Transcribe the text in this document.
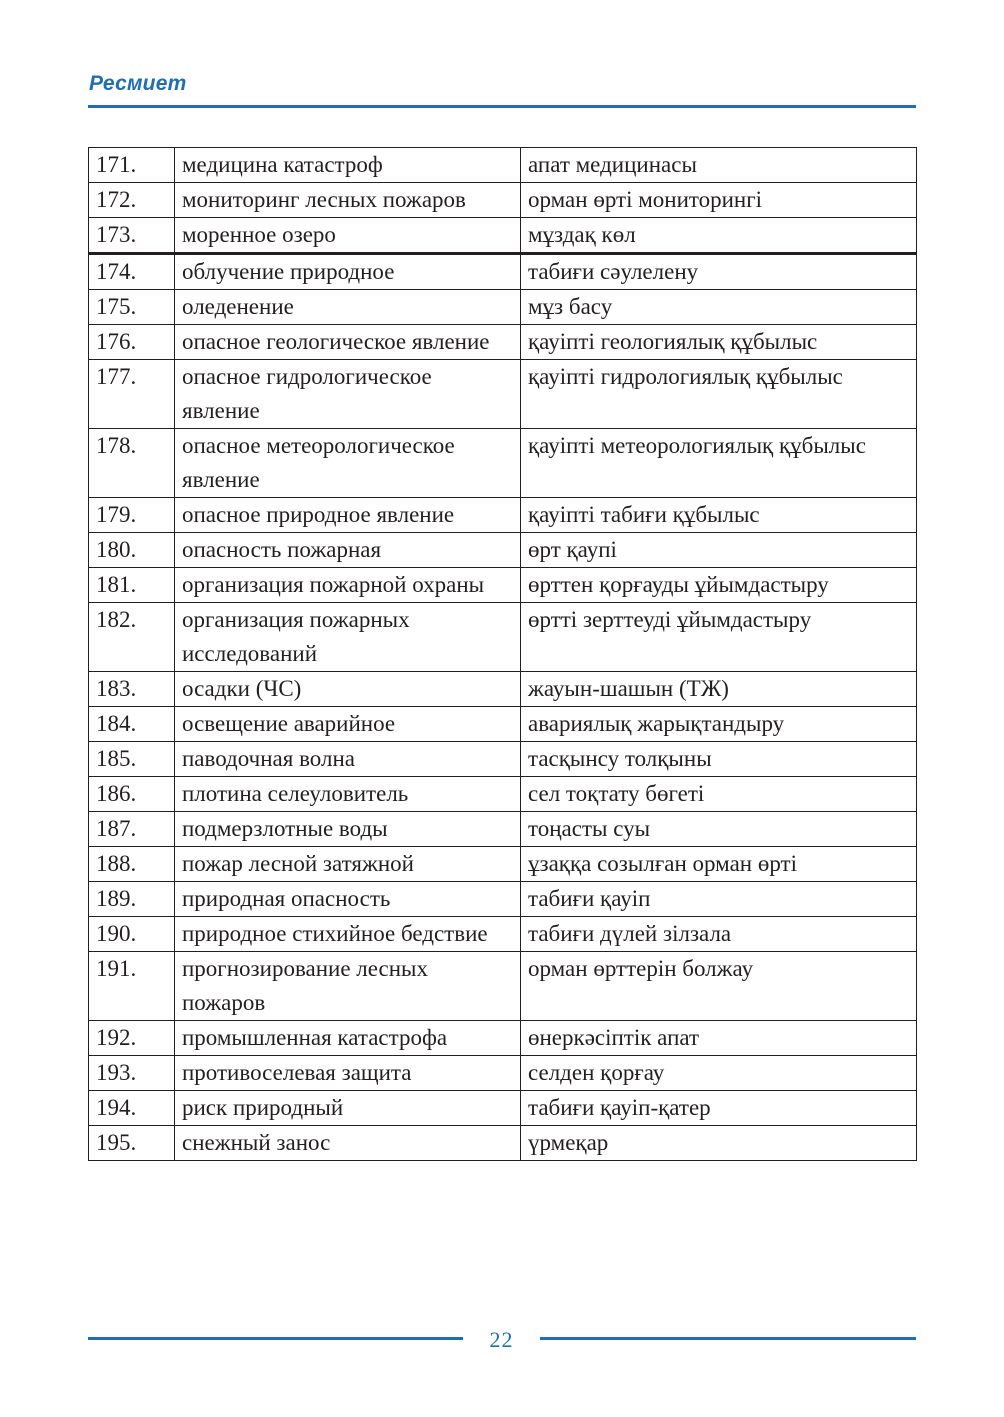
Ресмиет
171.	медицина катастроф	апат медицинасы
172.	мониторинг лесных пожаров	орман өрті мониторингі
173.	моренное озеро	мұздақ көл
174.	облучение природное	табиғи сәулелену
175.	оледенение	мұз басу
176.	опасное геологическое явление	қауіпті геологиялық құбылыс
177.	опасное гидрологическое явление	қауіпті гидрологиялық құбылыс
178.	опасное метеорологическое явление	қауіпті метеорологиялық құбылыс
179.	опасное природное явление	қауіпті табиғи құбылыс
180.	опасность пожарная	өрт қаупі
181.	организация пожарной охраны	өрттен қорғауды ұйымдастыру
182.	организация пожарных исследований	өртті зерттеуді ұйымдастыру
183.	осадки (ЧС)	жауын-шашын (ТЖ)
184.	освещение аварийное	авариялық жарықтандыру
185.	паводочная волна	тасқынсу толқыны
186.	плотина селеуловитель	сел тоқтату бөгеті
187.	подмерзлотные воды	тоңасты суы
188.	пожар лесной затяжной	ұзаққа созылған орман өрті
189.	природная опасность	табиғи қауіп
190.	природное стихийное бедствие	табиғи дүлей зілзала
191.	прогнозирование лесных пожаров	орман өрттерін болжау
192.	промышленная катастрофа	өнеркәсіптік апат
193.	противоселевая защита	селден қорғау
194.	риск природный	табиғи қауіп-қатер
195.	снежный занос	үрмеқар
22
